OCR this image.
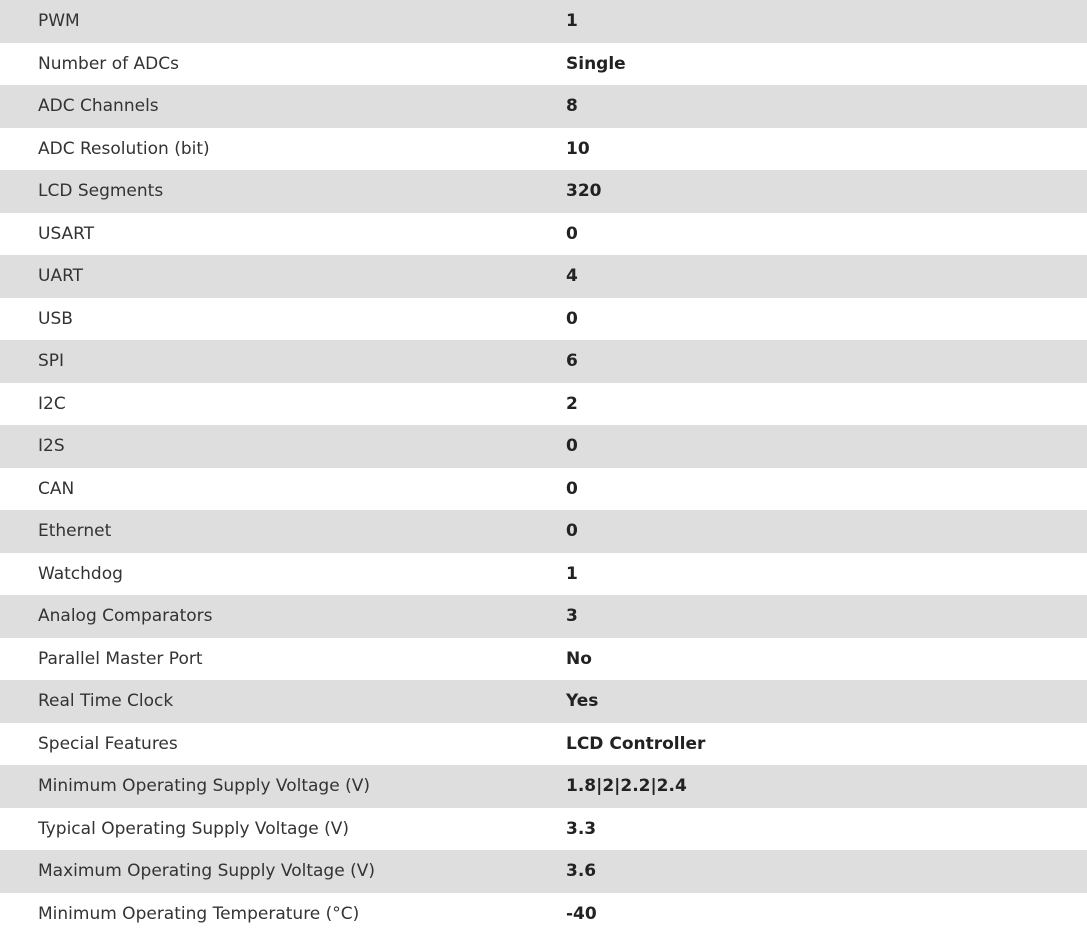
PWM	1
Number of ADCs	Single
ADC Channels	8
ADC Resolution (bit)	10
LCD Segments	320
USART	0
UART	4
USB	0
SPI	6
I2C	2
I2S	0
CAN	0
Ethernet	0
Watchdog	1
Analog Comparators	3
Parallel Master Port	No
Real Time Clock	Yes
Special Features	LCD Controller
Minimum Operating Supply Voltage (V)	1.8|2|2.2|2.4
Typical Operating Supply Voltage (V)	3.3
Maximum Operating Supply Voltage (V)	3.6
Minimum Operating Temperature (°C)	-40
